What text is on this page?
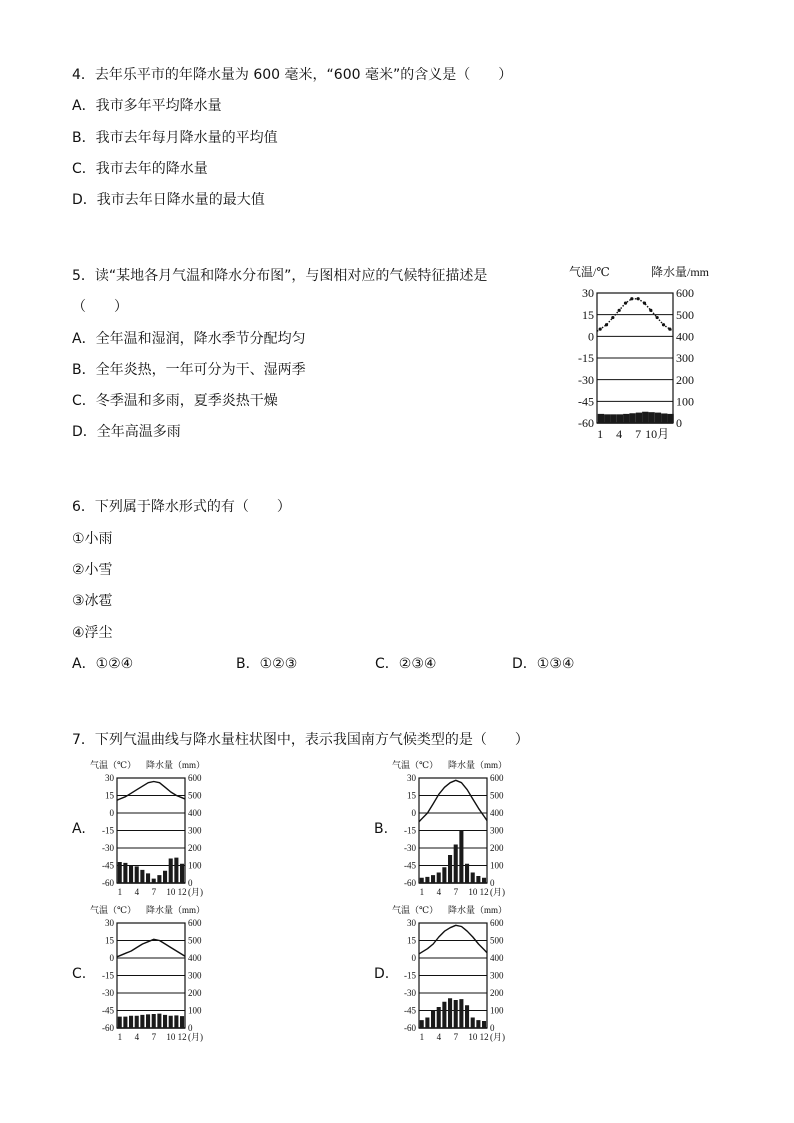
4．去年乐平市的年降水量为 600 毫米，“600 毫米”的含义是（　　）
A．我市多年平均降水量
B．我市去年每月降水量的平均值
C．我市去年的降水量
D．我市去年日降水量的最大值
5．读“某地各月气温和降水分布图”，与图相对应的气候特征描述是
（　　）
A．全年温和湿润，降水季节分配均匀
B．全年炎热，一年可分为干、湿两季
C．冬季温和多雨，夏季炎热干燥
D．全年高温多雨
气温/℃	降水量/mm
30	600
15	500
0	400
-15	300
-30	200
-45	100
-60	0
1 4 7 10月
6．下列属于降水形式的有（　　）
①小雨
②小雪
③冰雹
④浮尘
A．①②④	B．①②③	C．②③④	D．①③④
7．下列气温曲线与降水量柱状图中，表示我国南方气候类型的是（　　）
A.	B.
C.	D.
气温（℃） 降水量（mm）
30	600
15	500
0	400
-15	300
-30	200
-45	100
-60	0
1 4 7 10 12 (月)
气温（℃） 降水量（mm）
30	600
15	500
0	400
-15	300
-30	200
-45	100
-60	0
1 4 7 10 12 (月)
气温（℃） 降水量（mm）
30	600
15	500
0	400
-15	300
-30	200
-45	100
-60	0
1 4 7 10 12 (月)
气温（℃） 降水量（mm）
30	600
15	500
0	400
-15	300
-30	200
-45	100
-60	0
1 4 7 10 12 (月)
